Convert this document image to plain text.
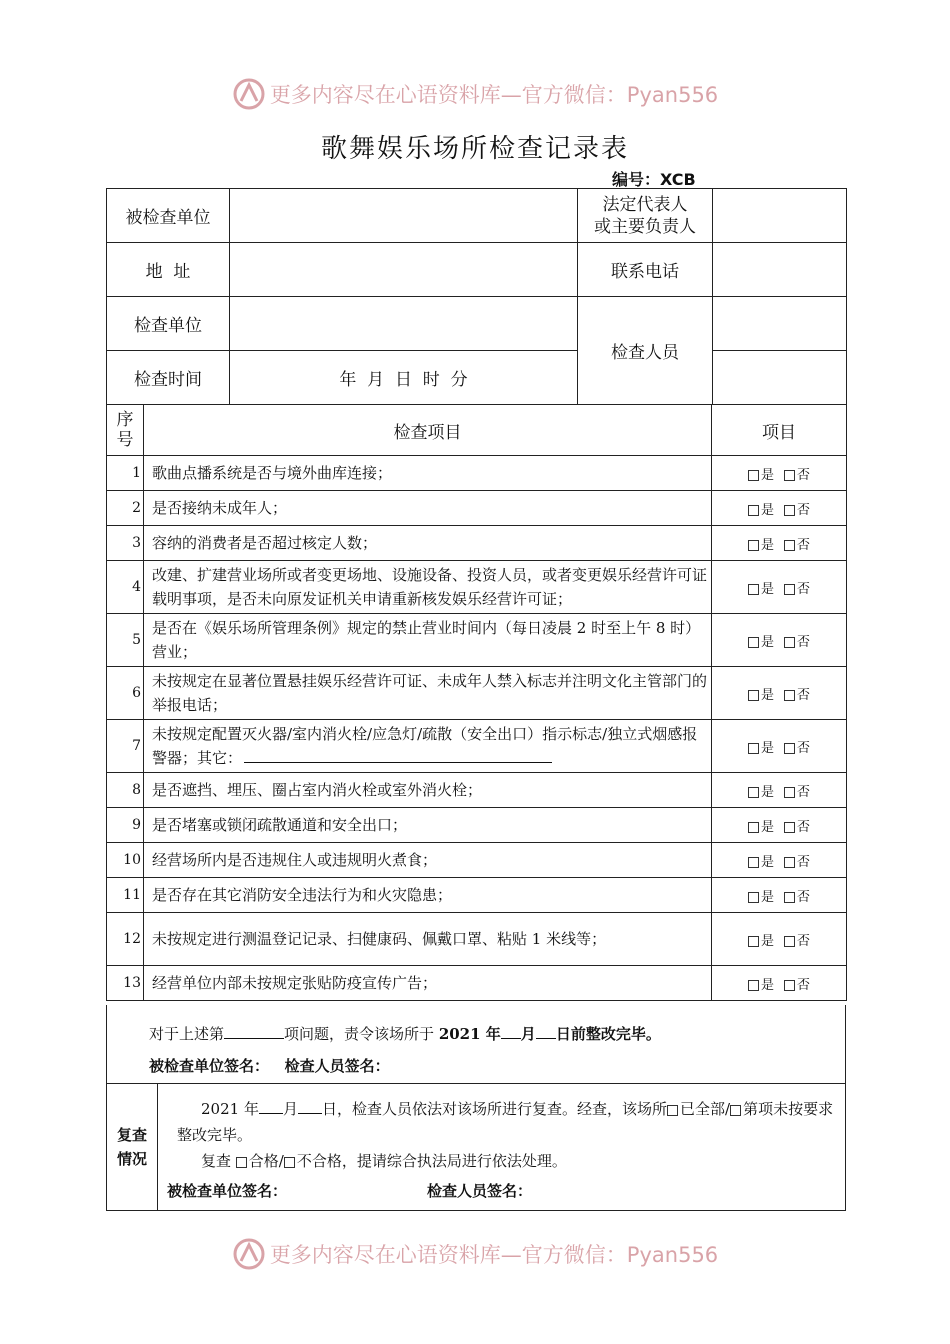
更多内容尽在心语资料库—官方微信：Pyan556
歌舞娱乐场所检查记录表
编号：XCB
被检查单位		法定代表人
或主要负责人	

地  址		联系电话	
检查单位		检查人员	
检查时间	年  月  日  时  分		
序
号	检查项目	项目
1	歌曲点播系统是否与境外曲库连接；	是 否
2	是否接纳未成年人；	是 否
3	容纳的消费者是否超过核定人数；	是 否
4	改建、扩建营业场所或者变更场地、设施设备、投资人员，或者变更娱乐经营许可证载明事项，是否未向原发证机关申请重新核发娱乐经营许可证；	是 否
5	是否在《娱乐场所管理条例》规定的禁止营业时间内（每日凌晨 2 时至上午 8 时）营业；	是 否
6	未按规定在显著位置悬挂娱乐经营许可证、未成年人禁入标志并注明文化主管部门的举报电话；	是 否
7	未按规定配置灭火器/室内消火栓/应急灯/疏散（安全出口）指示标志/独立式烟感报警器；其它：	是 否
8	是否遮挡、埋压、圈占室内消火栓或室外消火栓；	是 否
9	是否堵塞或锁闭疏散通道和安全出口；	是 否
10	经营场所内是否违规住人或违规明火煮食；	是 否
11	是否存在其它消防安全违法行为和火灾隐患；	是 否
12	未按规定进行测温登记记录、扫健康码、佩戴口罩、粘贴 1 米线等；	是 否
13	经营单位内部未按规定张贴防疫宣传广告；	是 否
对于上述第	项问题，责令该场所于 2021 年 月 日前整改完毕。
被检查单位签名：   检查人员签名：
复查
情况
2021 年 月 日，检查人员依法对该场所进行复查。经查，该场所 已全部/ 第项未按要求整改完毕。
复查 合格/ 不合格，提请综合执法局进行依法处理。
被检查单位签名：	检查人员签名：
更多内容尽在心语资料库—官方微信：Pyan556
